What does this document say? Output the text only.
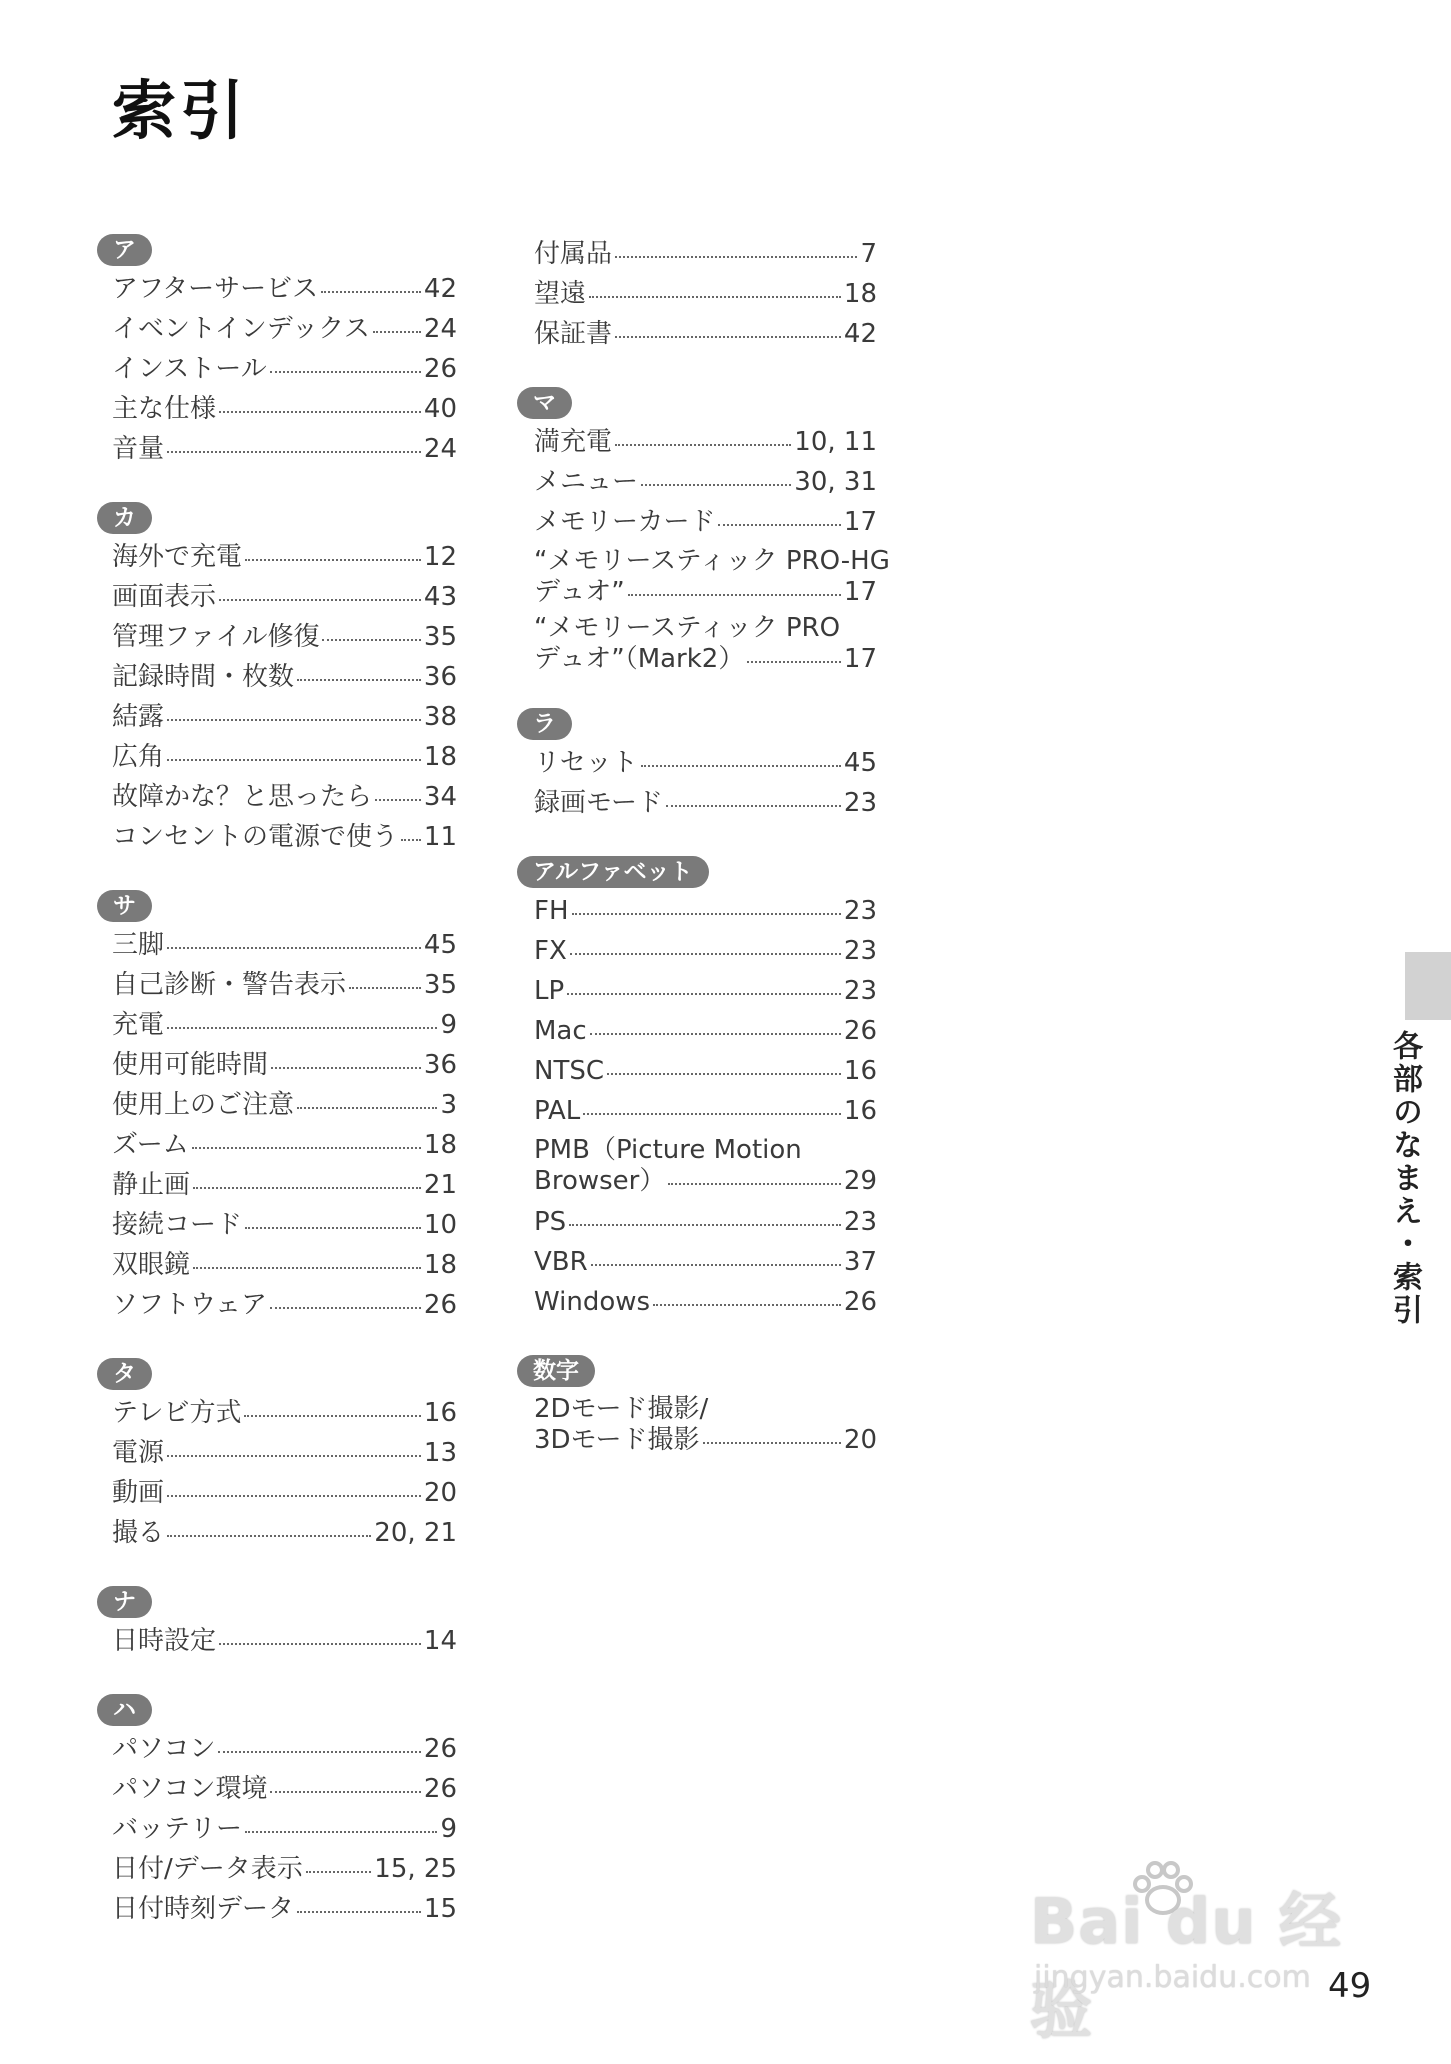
索引
ア
アフターサービス	42
イベントインデックス 24
インストール	26
主な仕様	40
音量	24
カ
海外で充電	12
画面表示	43
管理ファイル修復	35
記録時間・枚数	36
結露	38
広角	18
故障かな？と思ったら 34
コンセントの電源で使う 11
サ
三脚	45
自己診断・警告表示	35
充電	9
使用可能時間	36
使用上のご注意	3
ズーム	18
静止画	21
接続コード	10
双眼鏡	18
ソフトウェア	26
タ
テレビ方式	16
電源	13
動画	20
撮る	20, 21
ナ
日時設定	14
ハ
パソコン	26
パソコン環境	26
バッテリー	9
日付/データ表示	15, 25
日付時刻データ	15
付属品	7
望遠	18
保証書	42
マ
満充電	10, 11
メニュー	30, 31
メモリーカード	17
“メモリースティック PRO-HG
デュオ”	17
“メモリースティック PRO
デュオ”（Mark2）	17
ラ
リセット	45
録画モード	23
アルファベット
FH	23
FX	23
LP	23
Mac	26
NTSC	16
PAL	16
PMB（Picture Motion
Browser）	29
PS	23
VBR	37
Windows	26
数字
2Dモード撮影/
3Dモード撮影	20
各部のなまえ・索引
Bai du 经验
jingyan.baidu.com 49
